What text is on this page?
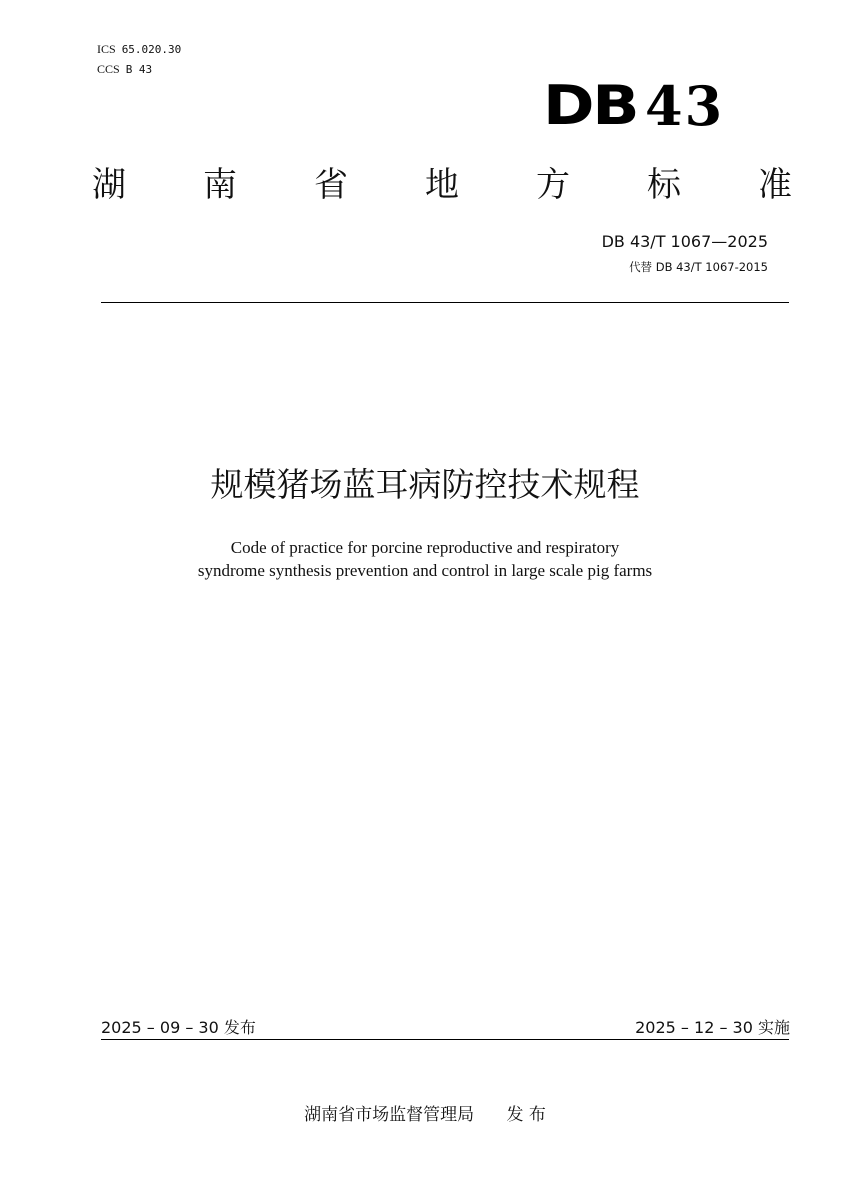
ICS 65.020.30
CCS B 43
DB 43
湖 南 省 地 方 标 准
DB 43/T 1067—2025
代替 DB 43/T 1067-2015
规模猪场蓝耳病防控技术规程
Code of practice for porcine reproductive and respiratory
syndrome synthesis prevention and control in large scale pig farms
2025 – 09 – 30 发布	2025 – 12 – 30 实施
湖南省市场监督管理局      发 布
